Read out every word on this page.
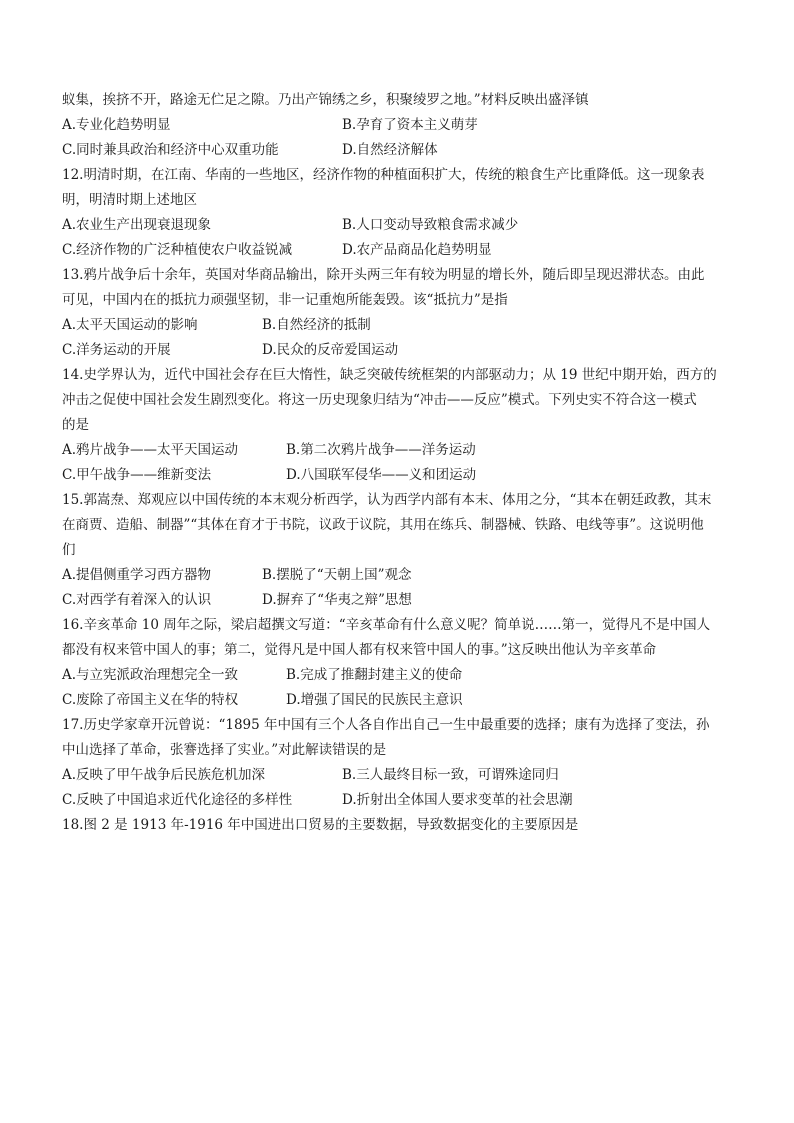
蚁集，挨挤不开，路途无伫足之隙。乃出产锦绣之乡，积聚绫罗之地。”材料反映出盛泽镇
A.专业化趋势明显	B.孕育了资本主义萌芽
C.同时兼具政治和经济中心双重功能	D.自然经济解体
12.明清时期，在江南、华南的一些地区，经济作物的种植面积扩大，传统的粮食生产比重降低。这一现象表
明，明清时期上述地区
A.农业生产出现衰退现象	B.人口变动导致粮食需求减少
C.经济作物的广泛种植使农户收益锐减	D.农产品商品化趋势明显
13.鸦片战争后十余年，英国对华商品输出，除开头两三年有较为明显的增长外，随后即呈现迟滞状态。由此
可见，中国内在的抵抗力顽强坚韧，非一记重炮所能轰毁。该“抵抗力”是指
A.太平天国运动的影响	B.自然经济的抵制
C.洋务运动的开展	D.民众的反帝爱国运动
14.史学界认为，近代中国社会存在巨大惰性，缺乏突破传统框架的内部驱动力；从 19 世纪中期开始，西方的
冲击之促使中国社会发生剧烈变化。将这一历史现象归结为“冲击——反应”模式。下列史实不符合这一模式
的是
A.鸦片战争——太平天国运动	B.第二次鸦片战争——洋务运动
C.甲午战争——维新变法	D.八国联军侵华——义和团运动
15.郭嵩焘、郑观应以中国传统的本末观分析西学，认为西学内部有本末、体用之分，“其本在朝廷政教，其末
在商贾、造船、制器”“其体在育才于书院，议政于议院，其用在练兵、制器械、铁路、电线等事”。这说明他
们
A.提倡侧重学习西方器物	B.摆脱了“天朝上国”观念
C.对西学有着深入的认识	D.摒弃了“华夷之辩”思想
16.辛亥革命 10 周年之际，梁启超撰文写道：“辛亥革命有什么意义呢？简单说……第一，觉得凡不是中国人
都没有权来管中国人的事；第二，觉得凡是中国人都有权来管中国人的事。”这反映出他认为辛亥革命
A.与立宪派政治理想完全一致	B.完成了推翻封建主义的使命
C.废除了帝国主义在华的特权	D.增强了国民的民族民主意识
17.历史学家章开沅曾说：“1895 年中国有三个人各自作出自己一生中最重要的选择；康有为选择了变法，孙
中山选择了革命，张謇选择了实业。”对此解读错误的是
A.反映了甲午战争后民族危机加深	B.三人最终目标一致，可谓殊途同归
C.反映了中国追求近代化途径的多样性	D.折射出全体国人要求变革的社会思潮
18.图 2 是 1913 年-1916 年中国进出口贸易的主要数据，导致数据变化的主要原因是
